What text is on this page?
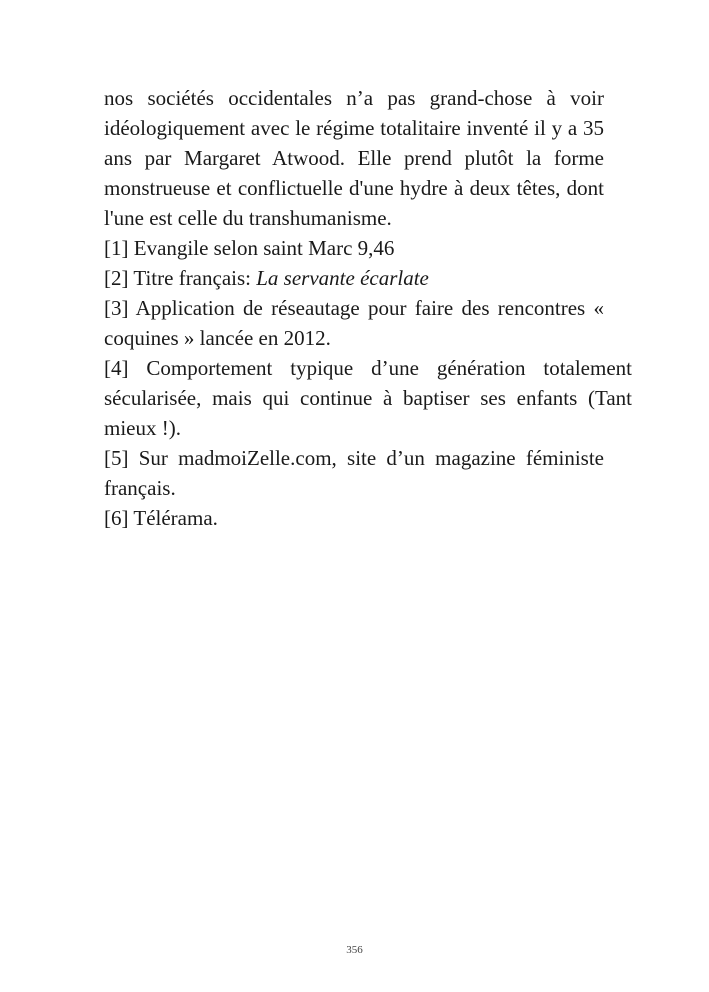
nos sociétés occidentales n’a pas grand-chose à voir idéologiquement avec le régime totalitaire inventé il y a 35 ans par Margaret Atwood. Elle prend plutôt la forme monstrueuse et conflictuelle d'une hydre à deux têtes, dont l'une est celle du transhumanisme.

[1] Evangile selon saint Marc 9,46

[2] Titre français: La servante écarlate

[3] Application de réseautage pour faire des rencontres « coquines » lancée en 2012.

[4] Comportement typique d’une génération totalement sécularisée, mais qui continue à baptiser ses enfants (Tant mieux !).

[5] Sur madmoiZelle.com, site d’un magazine féministe français.

[6] Télérama.

356
